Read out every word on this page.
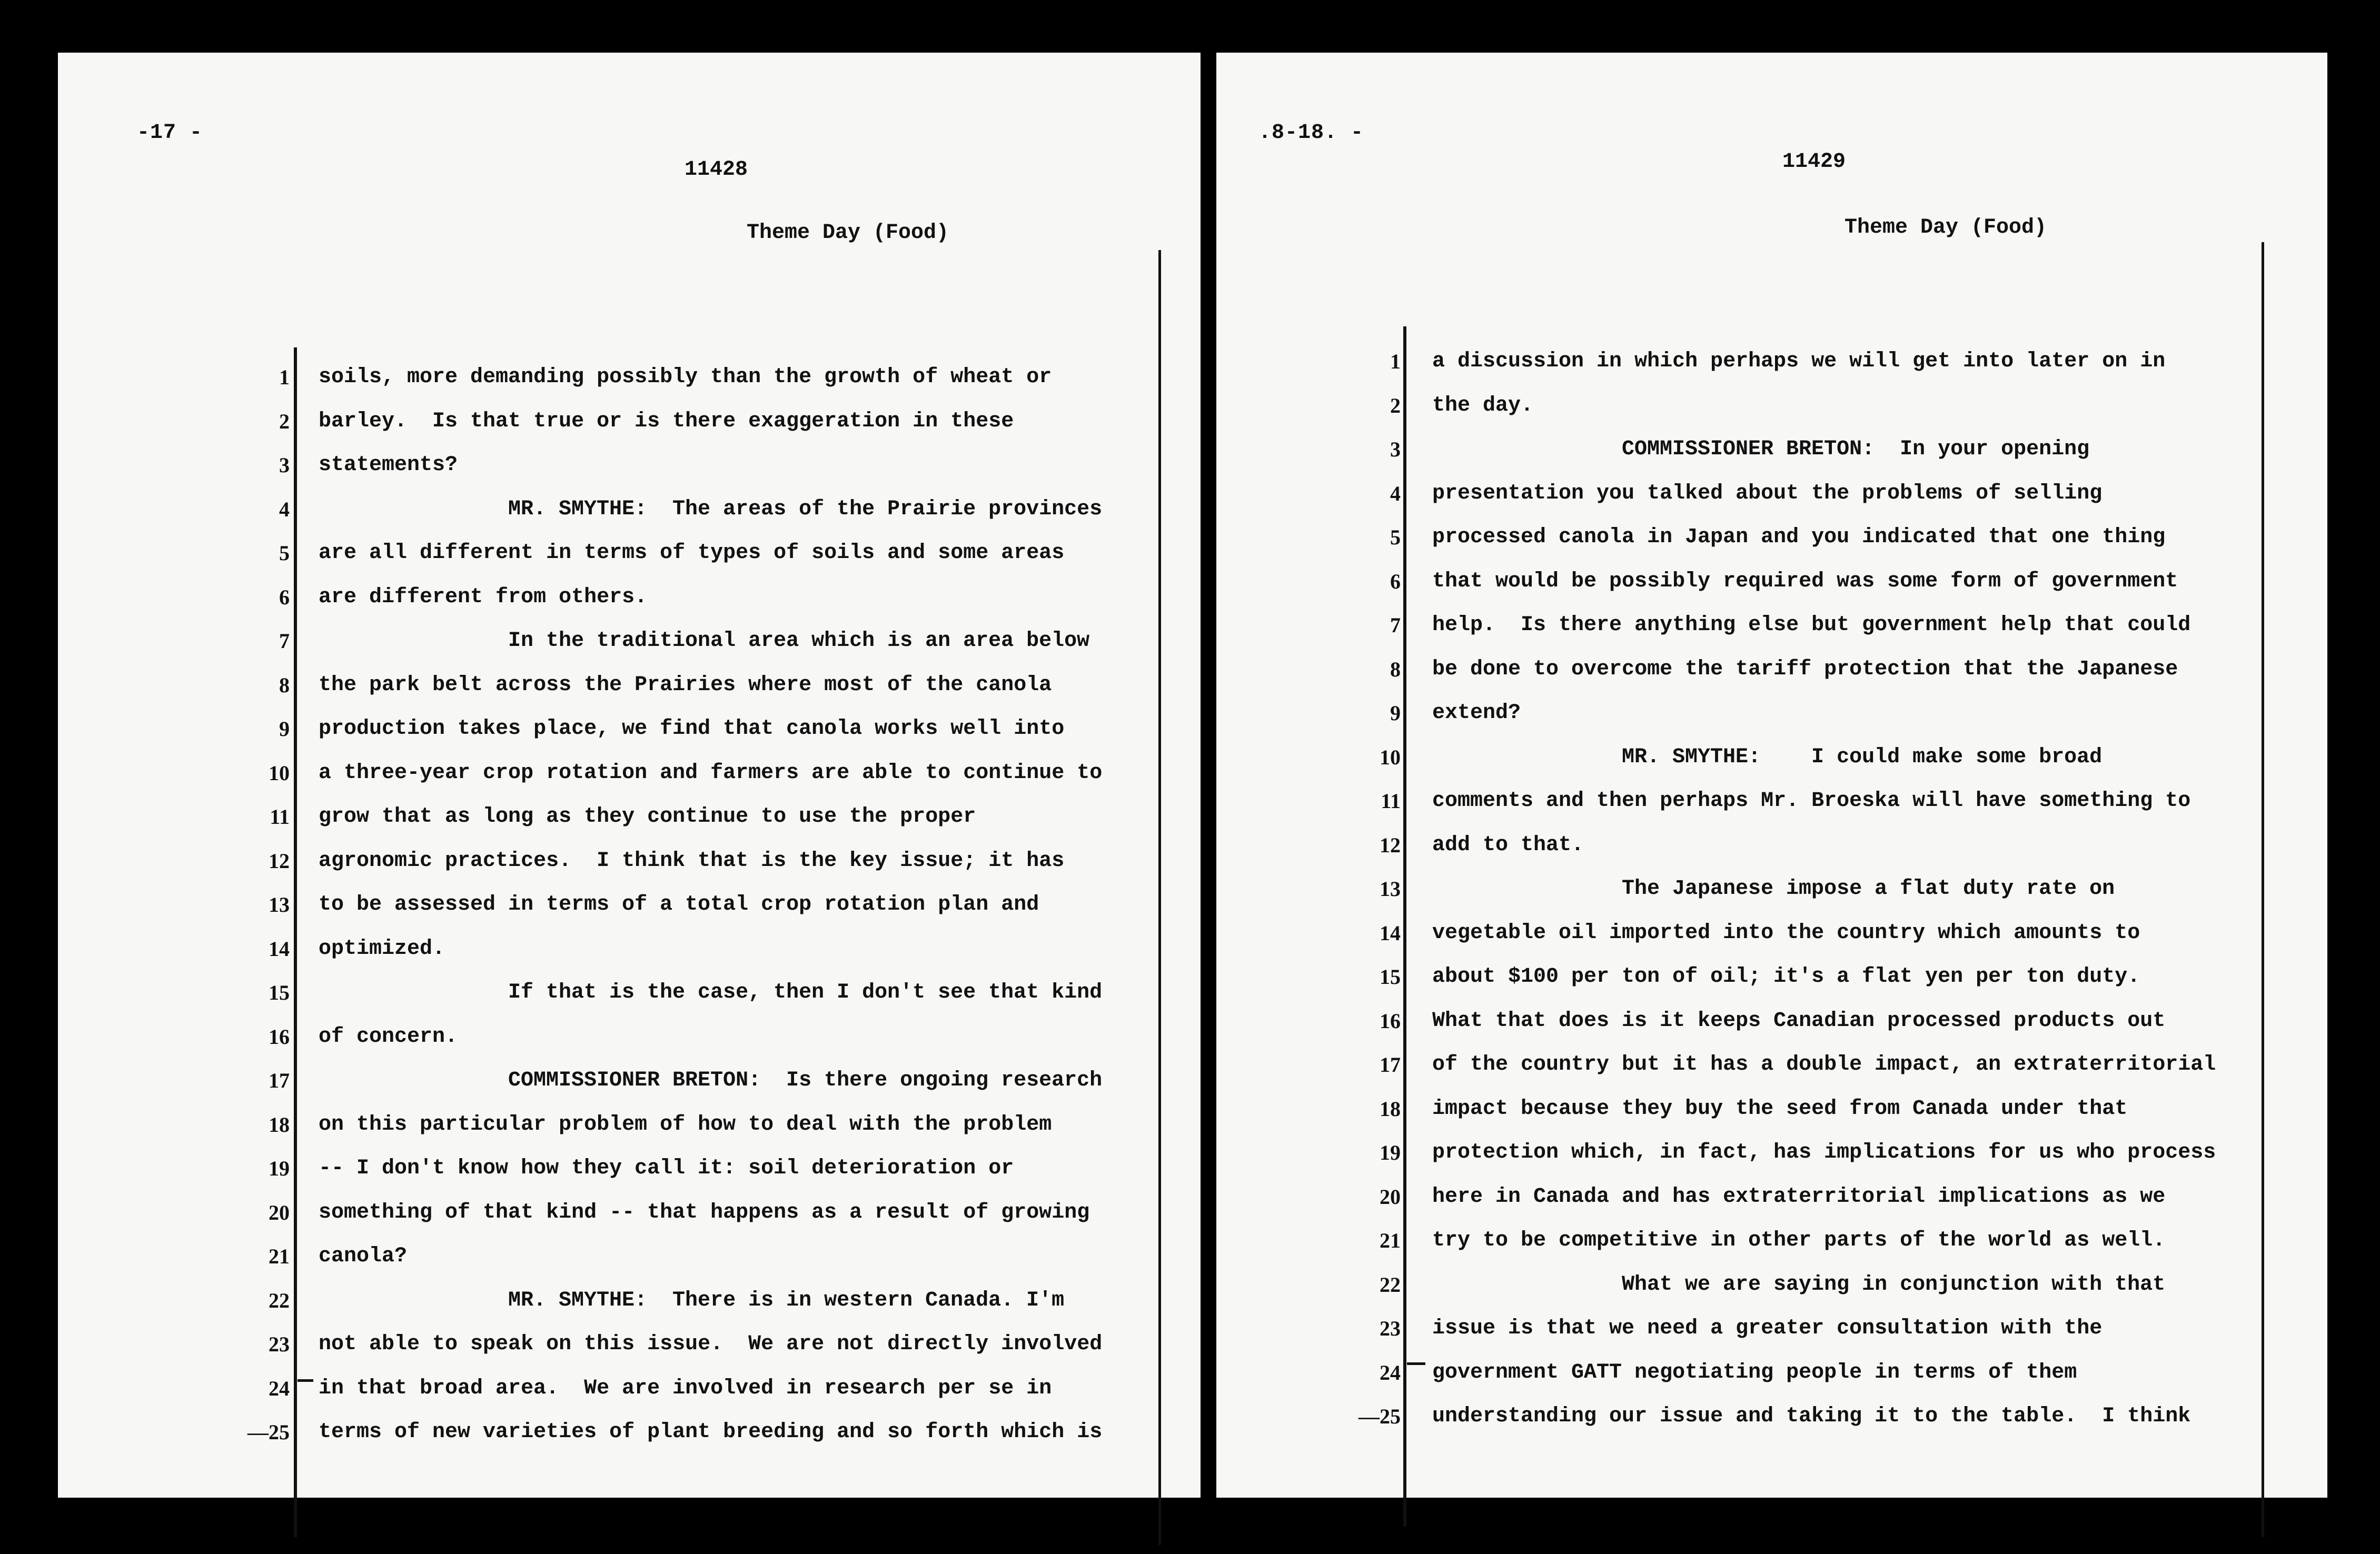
-17 -
11428
Theme Day (Food)
1
2
3
4
5
6
7
8
9
10
11
12
13
14
15
16
17
18
19
20
21
22
23
24
—25
soils, more demanding possibly than the growth of wheat or
barley.  Is that true or is there exaggeration in these
statements?
MR. SMYTHE:  The areas of the Prairie provinces
are all different in terms of types of soils and some areas
are different from others.
In the traditional area which is an area below
the park belt across the Prairies where most of the canola
production takes place, we find that canola works well into
a three-year crop rotation and farmers are able to continue to
grow that as long as they continue to use the proper
agronomic practices.  I think that is the key issue; it has
to be assessed in terms of a total crop rotation plan and
optimized.
If that is the case, then I don't see that kind
of concern.
COMMISSIONER BRETON:  Is there ongoing research
on this particular problem of how to deal with the problem
-- I don't know how they call it: soil deterioration or
something of that kind -- that happens as a result of growing
canola?
MR. SMYTHE:  There is in western Canada. I'm
not able to speak on this issue.  We are not directly involved
in that broad area.  We are involved in research per se in
terms of new varieties of plant breeding and so forth which is
.8-18. -
11429
Theme Day (Food)
1
2
3
4
5
6
7
8
9
10
11
12
13
14
15
16
17
18
19
20
21
22
23
24
—25
a discussion in which perhaps we will get into later on in
the day.
COMMISSIONER BRETON:  In your opening
presentation you talked about the problems of selling
processed canola in Japan and you indicated that one thing
that would be possibly required was some form of government
help.  Is there anything else but government help that could
be done to overcome the tariff protection that the Japanese
extend?
MR. SMYTHE:    I could make some broad
comments and then perhaps Mr. Broeska will have something to
add to that.
The Japanese impose a flat duty rate on
vegetable oil imported into the country which amounts to
about $100 per ton of oil; it's a flat yen per ton duty.
What that does is it keeps Canadian processed products out
of the country but it has a double impact, an extraterritorial
impact because they buy the seed from Canada under that
protection which, in fact, has implications for us who process
here in Canada and has extraterritorial implications as we
try to be competitive in other parts of the world as well.
What we are saying in conjunction with that
issue is that we need a greater consultation with the
government GATT negotiating people in terms of them
understanding our issue and taking it to the table.  I think
